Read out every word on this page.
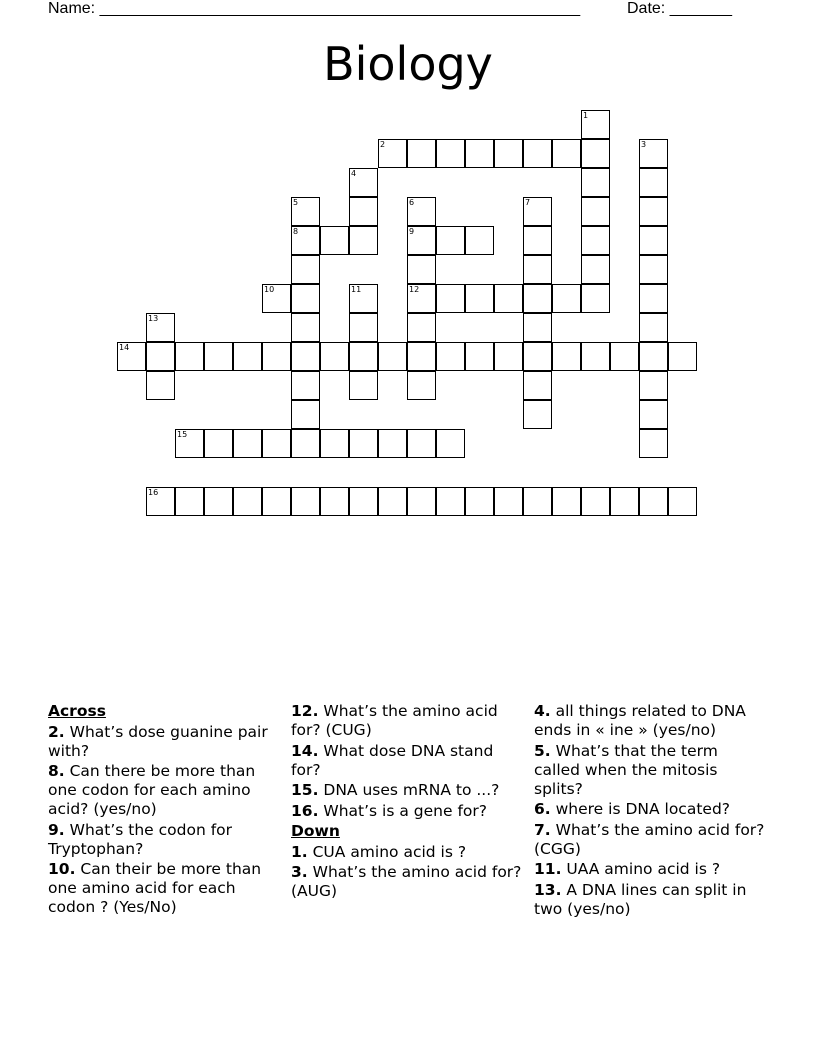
Name: ______________________________________________________	Date: _______
Biology
1
2	3
4
5
8
6
9
12
7
10	11
13
14
15
16

Across

2. What’s dose guanine pair with?

8. Can there be more than one codon for each amino acid? (yes/no)

9. What’s the codon for Tryptophan?

10. Can their be more than one amino acid for each codon ? (Yes/No)

12. What’s the amino acid for? (CUG)

14. What dose DNA stand for?

15. DNA uses mRNA to ...?

16. What’s is a gene for?

Down

1. CUA amino acid is ?

3. What’s the amino acid for? (AUG)

4. all things related to DNA ends in « ine » (yes/no)

5. What’s that the term called when the mitosis splits?

6. where is DNA located?

7. What’s the amino acid for? (CGG)

11. UAA amino acid is ?

13. A DNA lines can split in two (yes/no)
